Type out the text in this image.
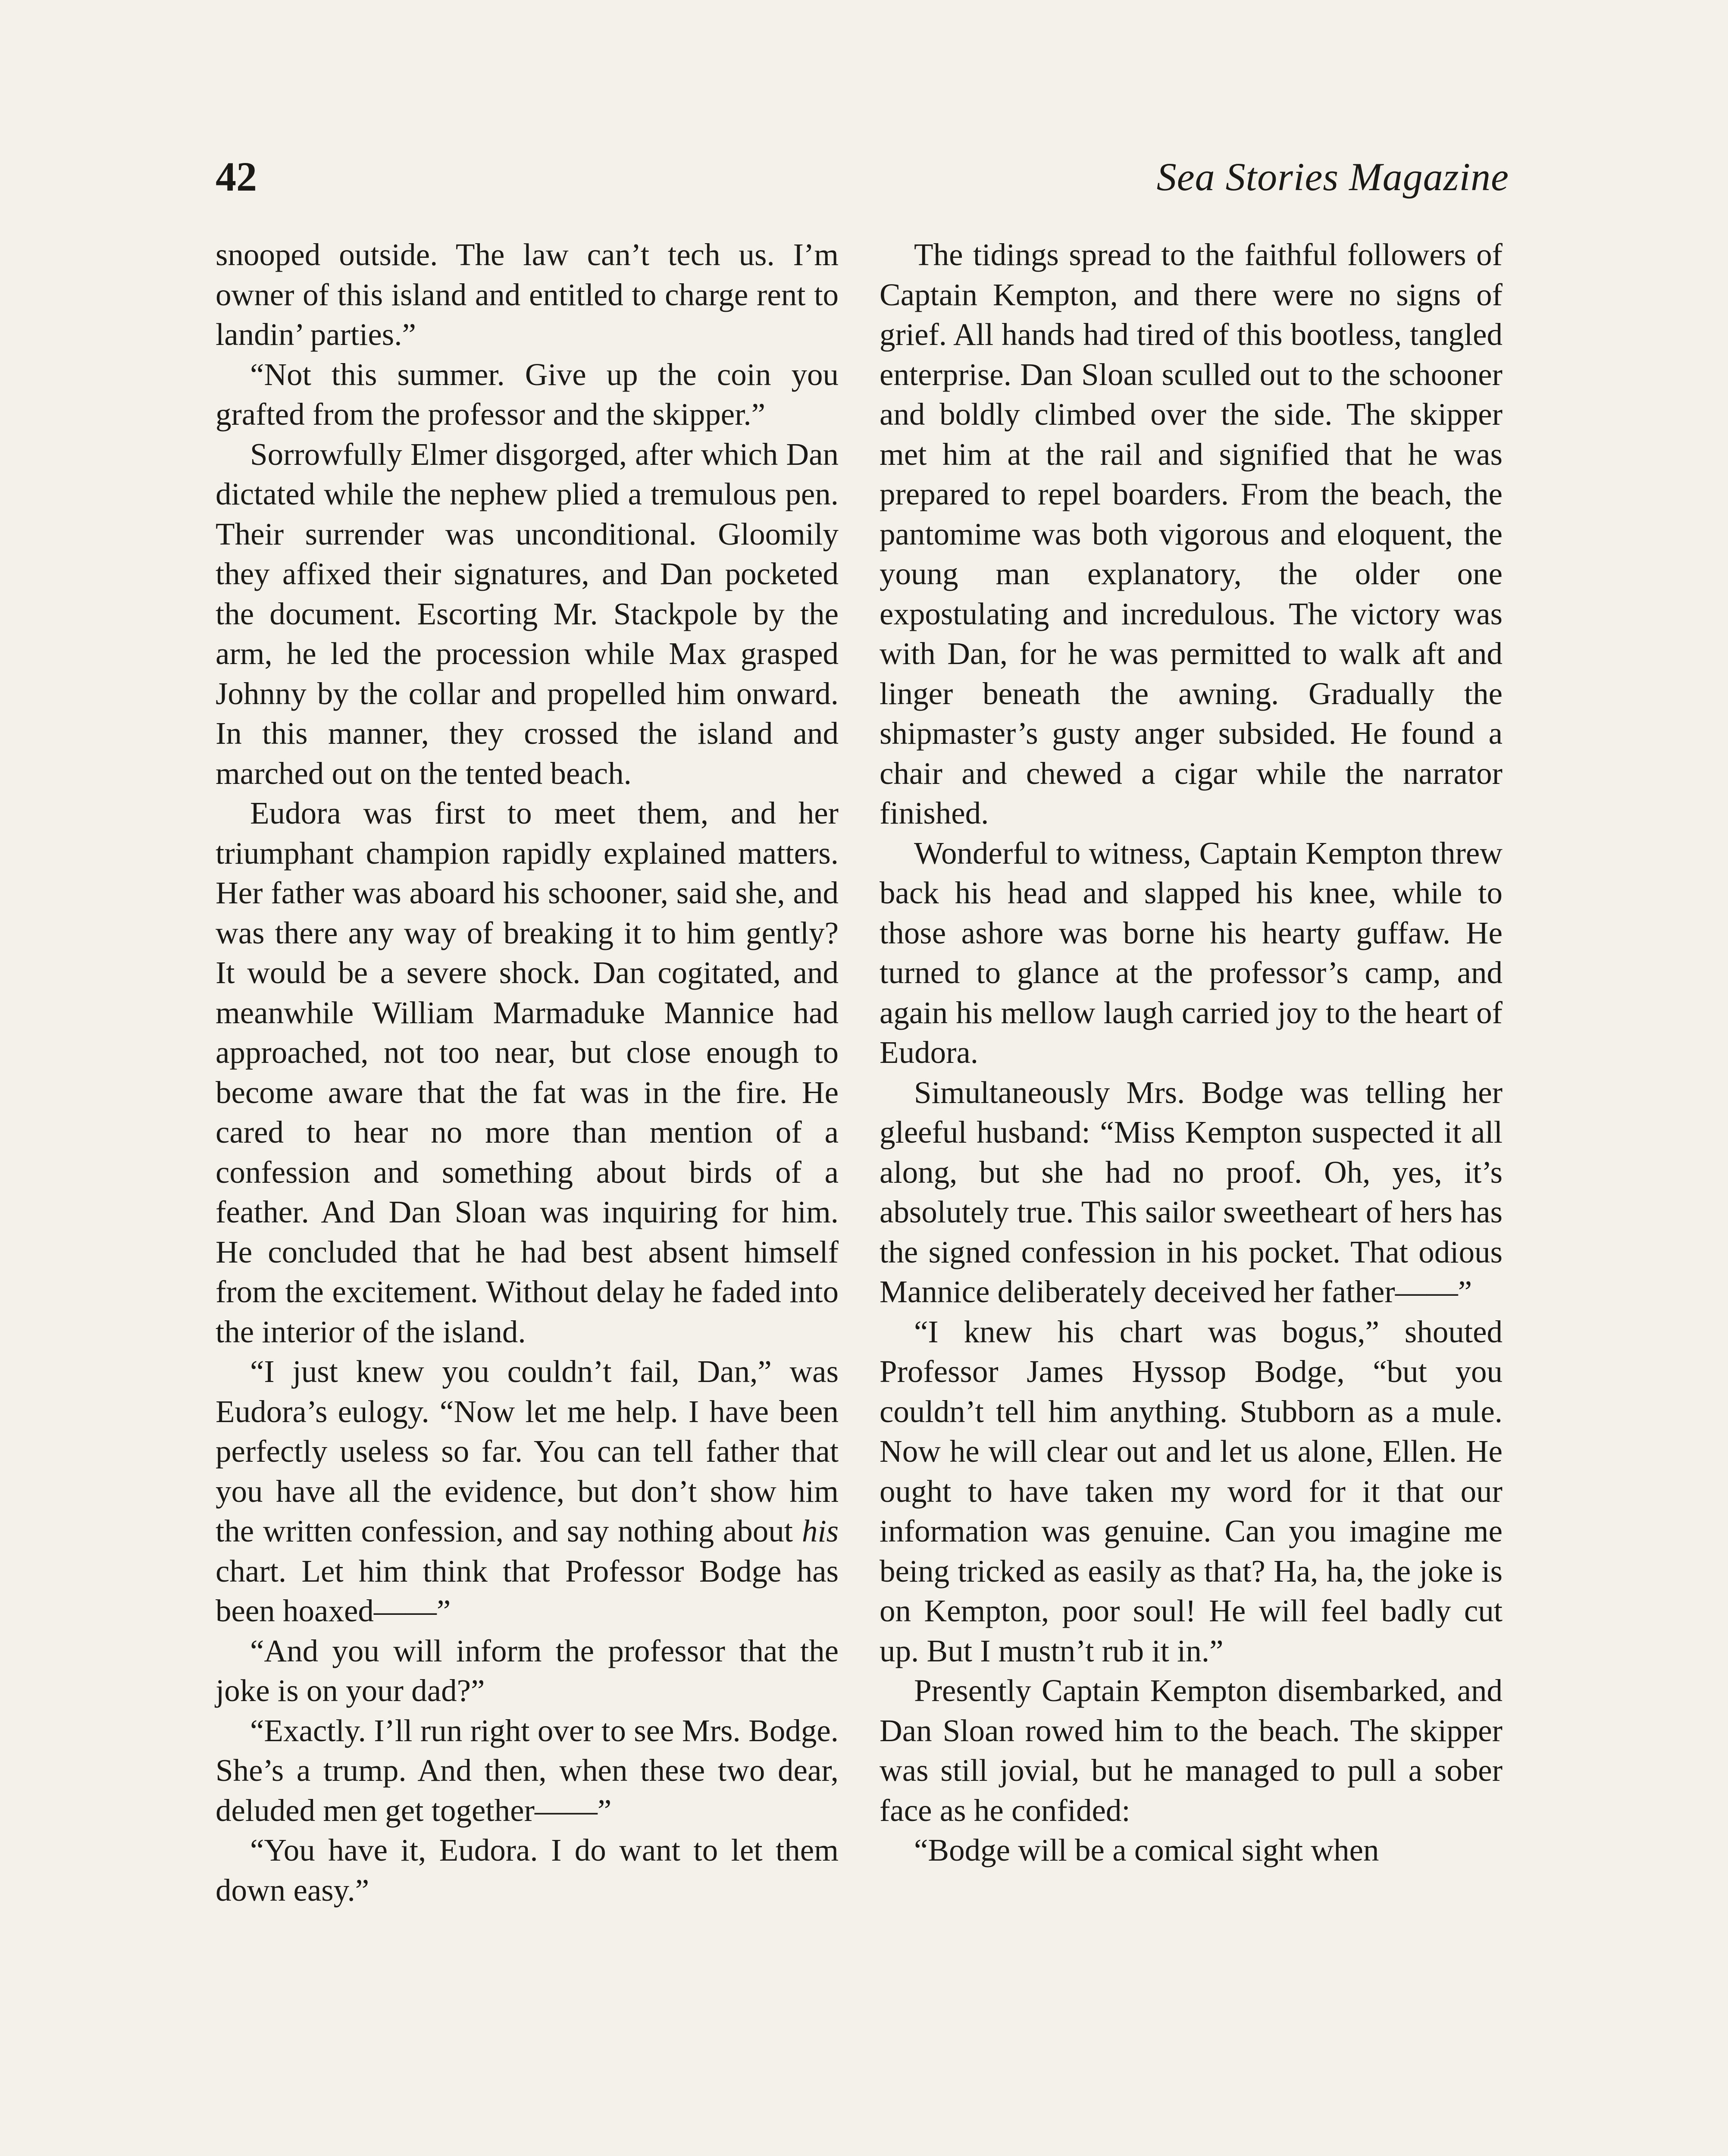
42	Sea Stories Magazine

snooped outside. The law can’t tech us. I’m owner of this island and entitled to charge rent to landin’ parties.”

“Not this summer. Give up the coin you grafted from the professor and the skipper.”

Sorrowfully Elmer disgorged, after which Dan dictated while the nephew plied a tremulous pen. Their surrender was unconditional. Gloomily they affixed their signatures, and Dan pocketed the document. Escorting Mr. Stackpole by the arm, he led the procession while Max grasped Johnny by the collar and propelled him onward. In this manner, they crossed the island and marched out on the tented beach.

Eudora was first to meet them, and her triumphant champion rapidly explained matters. Her father was aboard his schooner, said she, and was there any way of breaking it to him gently? It would be a severe shock. Dan cogitated, and meanwhile William Marmaduke Mannice had approached, not too near, but close enough to become aware that the fat was in the fire. He cared to hear no more than mention of a confession and something about birds of a feather. And Dan Sloan was inquiring for him. He concluded that he had best absent himself from the excitement. Without delay he faded into the interior of the island.

“I just knew you couldn’t fail, Dan,” was Eudora’s eulogy. “Now let me help. I have been perfectly useless so far. You can tell father that you have all the evidence, but don’t show him the written confession, and say nothing about his chart. Let him think that Professor Bodge has been hoaxed——”

“And you will inform the professor that the joke is on your dad?”

“Exactly. I’ll run right over to see Mrs. Bodge. She’s a trump. And then, when these two dear, deluded men get together——”

“You have it, Eudora. I do want to let them down easy.”

The tidings spread to the faithful followers of Captain Kempton, and there were no signs of grief. All hands had tired of this bootless, tangled enterprise. Dan Sloan sculled out to the schooner and boldly climbed over the side. The skipper met him at the rail and signified that he was prepared to repel boarders. From the beach, the pantomime was both vigorous and eloquent, the young man explanatory, the older one expostulating and incredulous. The victory was with Dan, for he was permitted to walk aft and linger beneath the awning. Gradually the shipmaster’s gusty anger subsided. He found a chair and chewed a cigar while the narrator finished.

Wonderful to witness, Captain Kempton threw back his head and slapped his knee, while to those ashore was borne his hearty guffaw. He turned to glance at the professor’s camp, and again his mellow laugh carried joy to the heart of Eudora.

Simultaneously Mrs. Bodge was telling her gleeful husband: “Miss Kempton suspected it all along, but she had no proof. Oh, yes, it’s absolutely true. This sailor sweetheart of hers has the signed confession in his pocket. That odious Mannice deliberately deceived her father——”

“I knew his chart was bogus,” shouted Professor James Hyssop Bodge, “but you couldn’t tell him anything. Stubborn as a mule. Now he will clear out and let us alone, Ellen. He ought to have taken my word for it that our information was genuine. Can you imagine me being tricked as easily as that? Ha, ha, the joke is on Kempton, poor soul! He will feel badly cut up. But I mustn’t rub it in.”

Presently Captain Kempton disembarked, and Dan Sloan rowed him to the beach. The skipper was still jovial, but he managed to pull a sober face as he confided:

“Bodge will be a comical sight when
